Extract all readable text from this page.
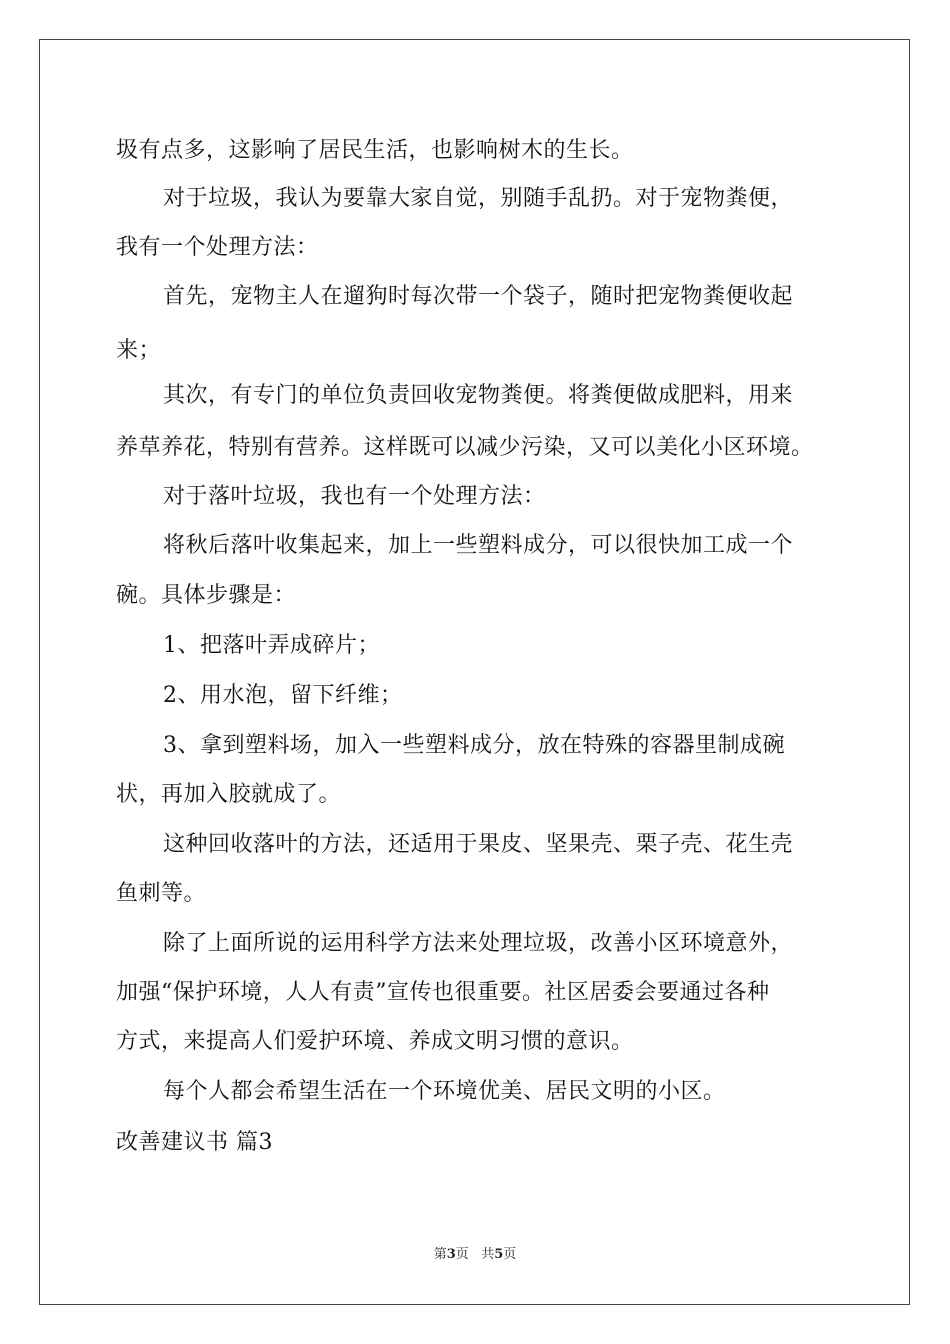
圾有点多，这影响了居民生活，也影响树木的生长。

对于垃圾，我认为要靠大家自觉，别随手乱扔。对于宠物粪便，

我有一个处理方法：

首先，宠物主人在遛狗时每次带一个袋子，随时把宠物粪便收起

来；

其次，有专门的单位负责回收宠物粪便。将粪便做成肥料，用来

养草养花，特别有营养。这样既可以减少污染，又可以美化小区环境。

对于落叶垃圾，我也有一个处理方法：

将秋后落叶收集起来，加上一些塑料成分，可以很快加工成一个

碗。具体步骤是：

1、把落叶弄成碎片；

2、用水泡，留下纤维；

3、拿到塑料场，加入一些塑料成分，放在特殊的容器里制成碗

状，再加入胶就成了。

这种回收落叶的方法，还适用于果皮、坚果壳、栗子壳、花生壳

鱼刺等。

除了上面所说的运用科学方法来处理垃圾，改善小区环境意外，

加强“保护环境，人人有责”宣传也很重要。社区居委会要通过各种

方式，来提高人们爱护环境、养成文明习惯的意识。

每个人都会希望生活在一个环境优美、居民文明的小区。

改善建议书 篇3

第3页 共5页
